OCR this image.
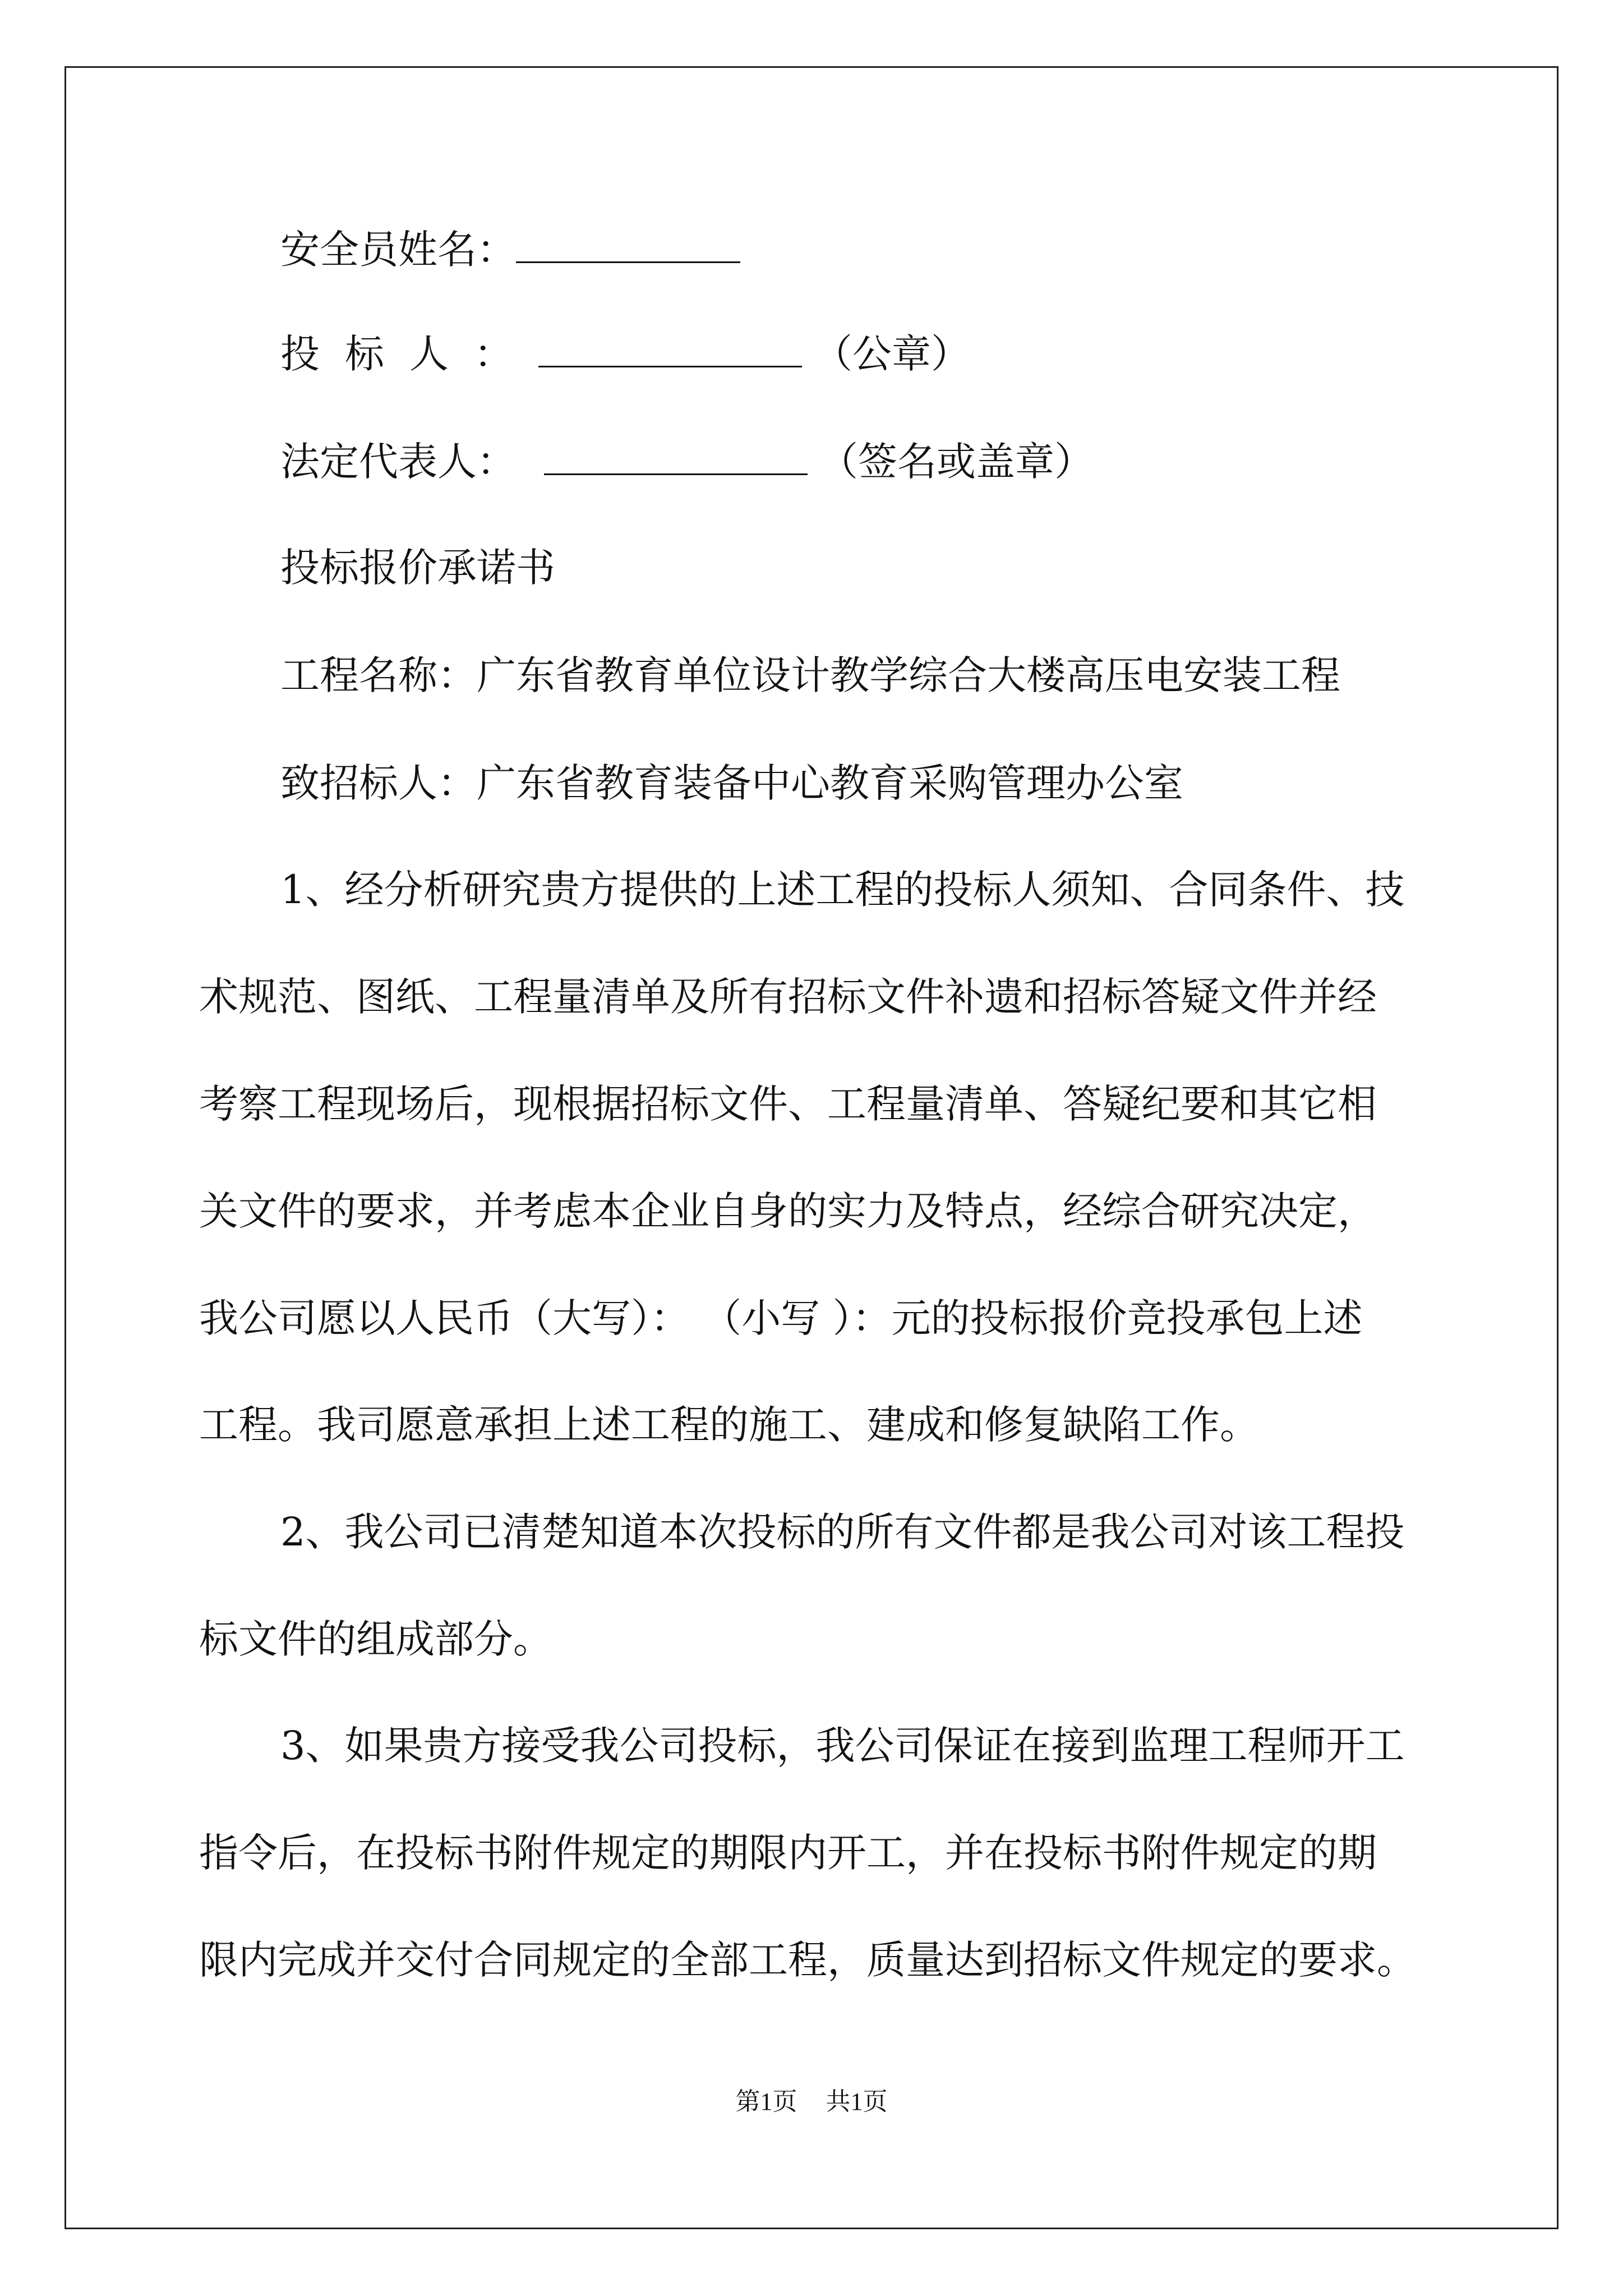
安全员姓名：

投标人：	（公章）

法定代表人：	（签名或盖章）

投标报价承诺书

工程名称：广东省教育单位设计教学综合大楼高压电安装工程

致招标人：广东省教育装备中心教育采购管理办公室

1、经分析研究贵方提供的上述工程的投标人须知、合同条件、技

术规范、图纸、工程量清单及所有招标文件补遗和招标答疑文件并经

考察工程现场后，现根据招标文件、工程量清单、答疑纪要和其它相

关文件的要求，并考虑本企业自身的实力及特点，经综合研究决定，

我公司愿以人民币（大写）： （小写 ）：元的投标报价竞投承包上述

工程。我司愿意承担上述工程的施工、建成和修复缺陷工作。

2、我公司已清楚知道本次投标的所有文件都是我公司对该工程投

标文件的组成部分。

3、如果贵方接受我公司投标，我公司保证在接到监理工程师开工

指令后，在投标书附件规定的期限内开工，并在投标书附件规定的期

限内完成并交付合同规定的全部工程，质量达到招标文件规定的要求。

第1页 共1页
